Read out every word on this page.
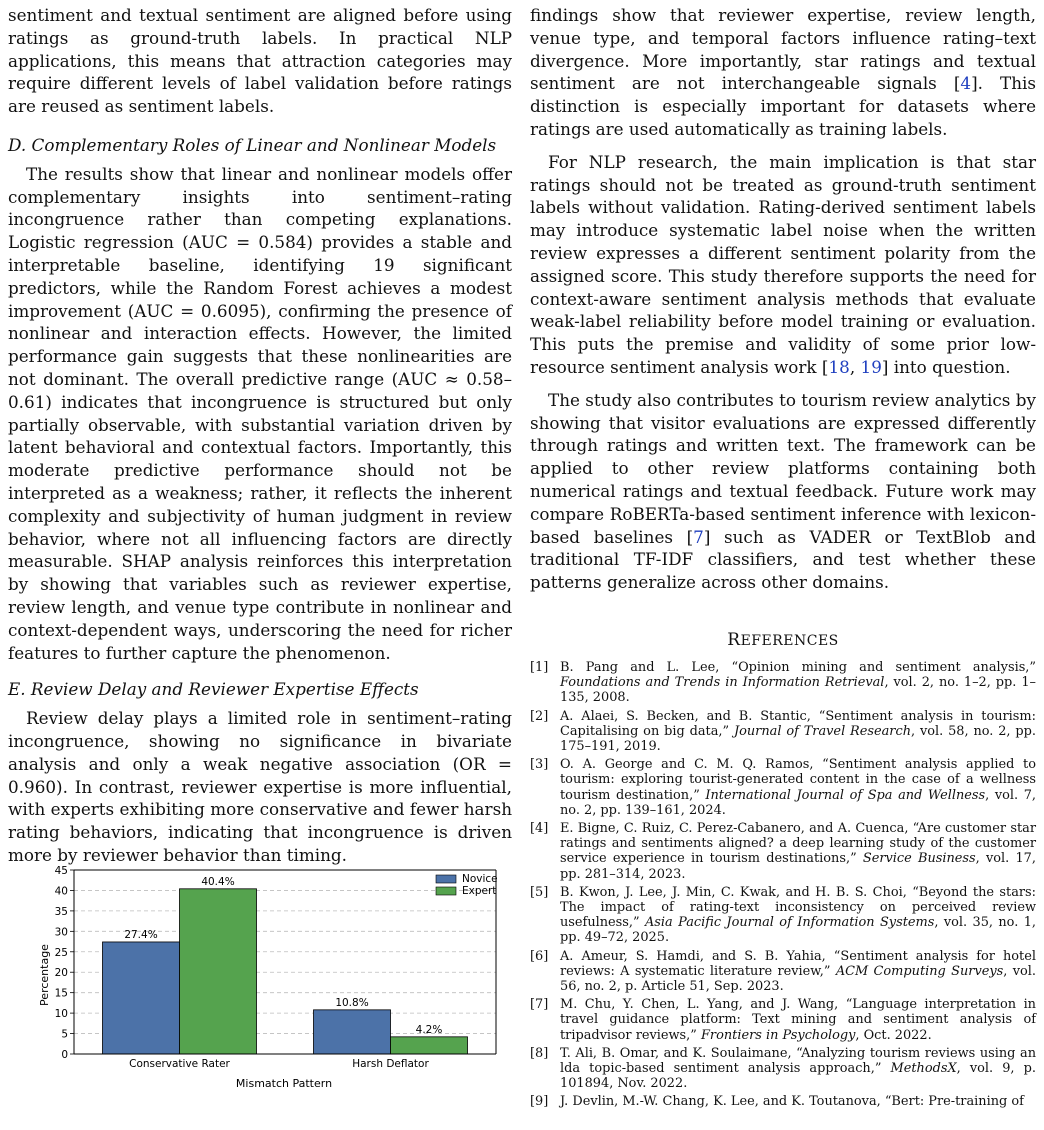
sentiment and textual sentiment are aligned before using ratings as ground-truth labels. In practical NLP applications, this means that attraction categories may require different levels of label validation before ratings are reused as sentiment labels.

D. Complementary Roles of Linear and Nonlinear Models

The results show that linear and nonlinear models offer complementary insights into sentiment–rating incongruence rather than competing explanations. Logistic regression (AUC = 0.584) provides a stable and interpretable baseline, identifying 19 significant predictors, while the Random Forest achieves a modest improvement (AUC = 0.6095), confirming the presence of nonlinear and interaction effects. However, the limited performance gain suggests that these nonlinearities are not dominant. The overall predictive range (AUC ≈ 0.58–0.61) indicates that incongruence is structured but only partially observable, with substantial variation driven by latent behavioral and contextual factors. Importantly, this moderate predictive performance should not be interpreted as a weakness; rather, it reflects the inherent complexity and subjectivity of human judgment in review behavior, where not all influencing factors are directly measurable. SHAP analysis reinforces this interpretation by showing that variables such as reviewer expertise, review length, and venue type contribute in nonlinear and context-dependent ways, underscoring the need for richer features to further capture the phenomenon.

E. Review Delay and Reviewer Expertise Effects

Review delay plays a limited role in sentiment–rating incongruence, showing no significance in bivariate analysis and only a weak negative association (OR = 0.960). In contrast, reviewer expertise is more influential, with experts exhibiting more conservative and fewer harsh rating behaviors, indicating that incongruence is driven more by reviewer behavior than timing.

27.4%
40.4%
10.8%
4.2%
0
5
10
15
20
25
30
35
40
45
Conservative Rater	Harsh Deflator
Novice
Expert
Percentage
Mismatch Pattern

findings show that reviewer expertise, review length, venue type, and temporal factors influence rating–text divergence. More importantly, star ratings and textual sentiment are not interchangeable signals [4]. This distinction is especially important for datasets where ratings are used automatically as training labels.

For NLP research, the main implication is that star ratings should not be treated as ground-truth sentiment labels without validation. Rating-derived sentiment labels may introduce systematic label noise when the written review expresses a different sentiment polarity from the assigned score. This study therefore supports the need for context-aware sentiment analysis methods that evaluate weak-label reliability before model training or evaluation. This puts the premise and validity of some prior low-resource sentiment analysis work [18, 19] into question.

The study also contributes to tourism review analytics by showing that visitor evaluations are expressed differently through ratings and written text. The framework can be applied to other review platforms containing both numerical ratings and textual feedback. Future work may compare RoBERTa-based sentiment inference with lexicon-based baselines [7] such as VADER or TextBlob and traditional TF-IDF classifiers, and test whether these patterns generalize across other domains.

REFERENCES

[1] B. Pang and L. Lee, “Opinion mining and sentiment analysis,” Foundations and Trends in Information Retrieval, vol. 2, no. 1–2, pp. 1–135, 2008.
[2] A. Alaei, S. Becken, and B. Stantic, “Sentiment analysis in tourism: Capitalising on big data,” Journal of Travel Research, vol. 58, no. 2, pp. 175–191, 2019.
[3] O. A. George and C. M. Q. Ramos, “Sentiment analysis applied to tourism: exploring tourist-generated content in the case of a wellness tourism destination,” International Journal of Spa and Wellness, vol. 7, no. 2, pp. 139–161, 2024.
[4] E. Bigne, C. Ruiz, C. Perez-Cabanero, and A. Cuenca, “Are customer star ratings and sentiments aligned? a deep learning study of the customer service experience in tourism destinations,” Service Business, vol. 17, pp. 281–314, 2023.
[5] B. Kwon, J. Lee, J. Min, C. Kwak, and H. B. S. Choi, “Beyond the stars: The impact of rating-text inconsistency on perceived review usefulness,” Asia Pacific Journal of Information Systems, vol. 35, no. 1, pp. 49–72, 2025.
[6] A. Ameur, S. Hamdi, and S. B. Yahia, “Sentiment analysis for hotel reviews: A systematic literature review,” ACM Computing Surveys, vol. 56, no. 2, p. Article 51, Sep. 2023.
[7] M. Chu, Y. Chen, L. Yang, and J. Wang, “Language interpretation in travel guidance platform: Text mining and sentiment analysis of tripadvisor reviews,” Frontiers in Psychology, Oct. 2022.
[8] T. Ali, B. Omar, and K. Soulaimane, “Analyzing tourism reviews using an lda topic-based sentiment analysis approach,” MethodsX, vol. 9, p. 101894, Nov. 2022.
[9] J. Devlin, M.-W. Chang, K. Lee, and K. Toutanova, “Bert: Pre-training of
